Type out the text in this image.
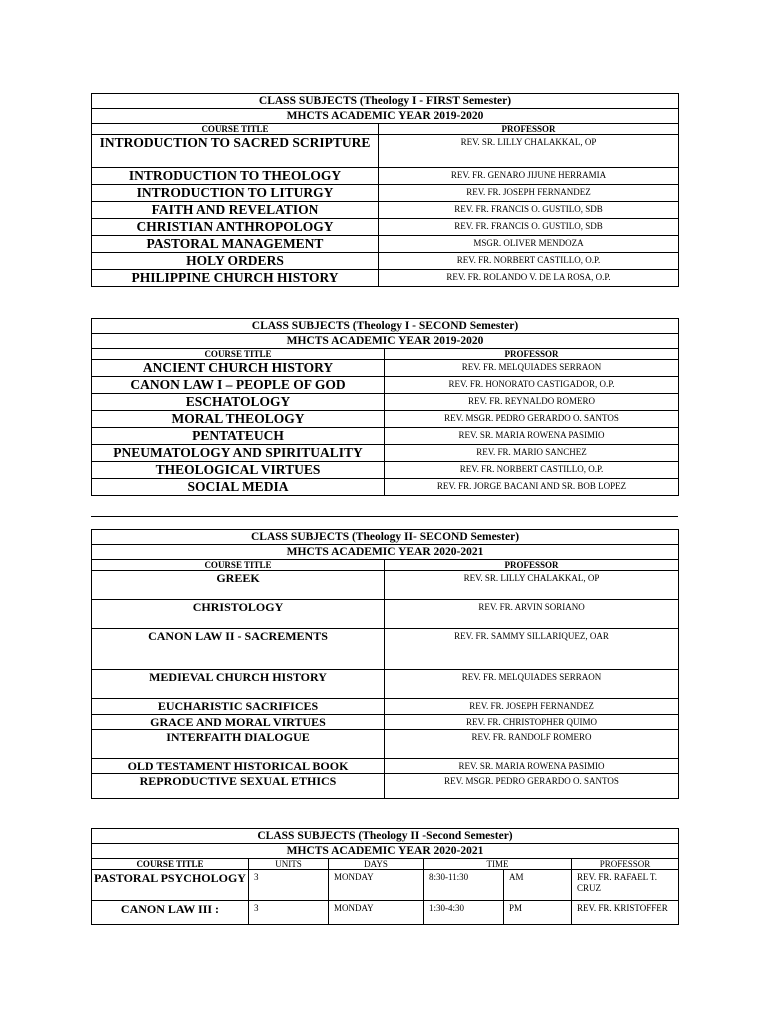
CLASS SUBJECTS (Theology I - FIRST Semester)	
MHCTS ACADEMIC YEAR 2019-2020	
COURSE TITLE	PROFESSOR
INTRODUCTION TO SACRED SCRIPTURE	REV. SR. LILLY CHALAKKAL, OP
INTRODUCTION TO THEOLOGY	REV. FR. GENARO JIJUNE HERRAMIA
INTRODUCTION TO LITURGY	REV. FR. JOSEPH FERNANDEZ
FAITH AND REVELATION	REV. FR. FRANCIS O. GUSTILO, SDB
CHRISTIAN ANTHROPOLOGY	REV. FR. FRANCIS O. GUSTILO, SDB
PASTORAL MANAGEMENT	MSGR. OLIVER MENDOZA
HOLY ORDERS	REV. FR. NORBERT CASTILLO, O.P.
PHILIPPINE CHURCH HISTORY	REV. FR. ROLANDO V. DE LA ROSA, O.P.
CLASS SUBJECTS (Theology I - SECOND Semester)	
MHCTS ACADEMIC YEAR 2019-2020	
COURSE TITLE	PROFESSOR
ANCIENT CHURCH HISTORY	REV. FR. MELQUIADES SERRAON
CANON LAW I – PEOPLE OF GOD	REV. FR. HONORATO CASTIGADOR, O.P.
ESCHATOLOGY	REV. FR. REYNALDO ROMERO
MORAL THEOLOGY	REV. MSGR. PEDRO GERARDO O. SANTOS
PENTATEUCH	REV. SR. MARIA ROWENA PASIMIO
PNEUMATOLOGY AND SPIRITUALITY	REV. FR. MARIO SANCHEZ
THEOLOGICAL VIRTUES	REV. FR. NORBERT CASTILLO, O.P.
SOCIAL MEDIA	REV. FR. JORGE BACANI AND SR. BOB LOPEZ
CLASS SUBJECTS (Theology II- SECOND Semester)	
MHCTS ACADEMIC YEAR 2020-2021	
COURSE TITLE	PROFESSOR
GREEK	REV. SR. LILLY CHALAKKAL, OP
CHRISTOLOGY	REV. FR. ARVIN SORIANO
CANON LAW II - SACREMENTS	REV. FR. SAMMY SILLARIQUEZ, OAR
MEDIEVAL CHURCH HISTORY	REV. FR. MELQUIADES SERRAON
EUCHARISTIC SACRIFICES	REV. FR. JOSEPH FERNANDEZ
GRACE AND MORAL VIRTUES	REV. FR. CHRISTOPHER QUIMO
INTERFAITH DIALOGUE	REV. FR. RANDOLF ROMERO
OLD TESTAMENT HISTORICAL BOOK	REV. SR. MARIA ROWENA PASIMIO
REPRODUCTIVE SEXUAL ETHICS	REV. MSGR. PEDRO GERARDO O. SANTOS
CLASS SUBJECTS (Theology II -Second Semester)					
MHCTS ACADEMIC YEAR 2020-2021					
COURSE TITLE	UNITS	DAYS	TIME		PROFESSOR
PASTORAL PSYCHOLOGY	3	MONDAY	8:30-11:30	AM	REV. FR. RAFAEL T. CRUZ
CANON LAW III :	3	MONDAY	1:30-4:30	PM	REV. FR. KRISTOFFER
